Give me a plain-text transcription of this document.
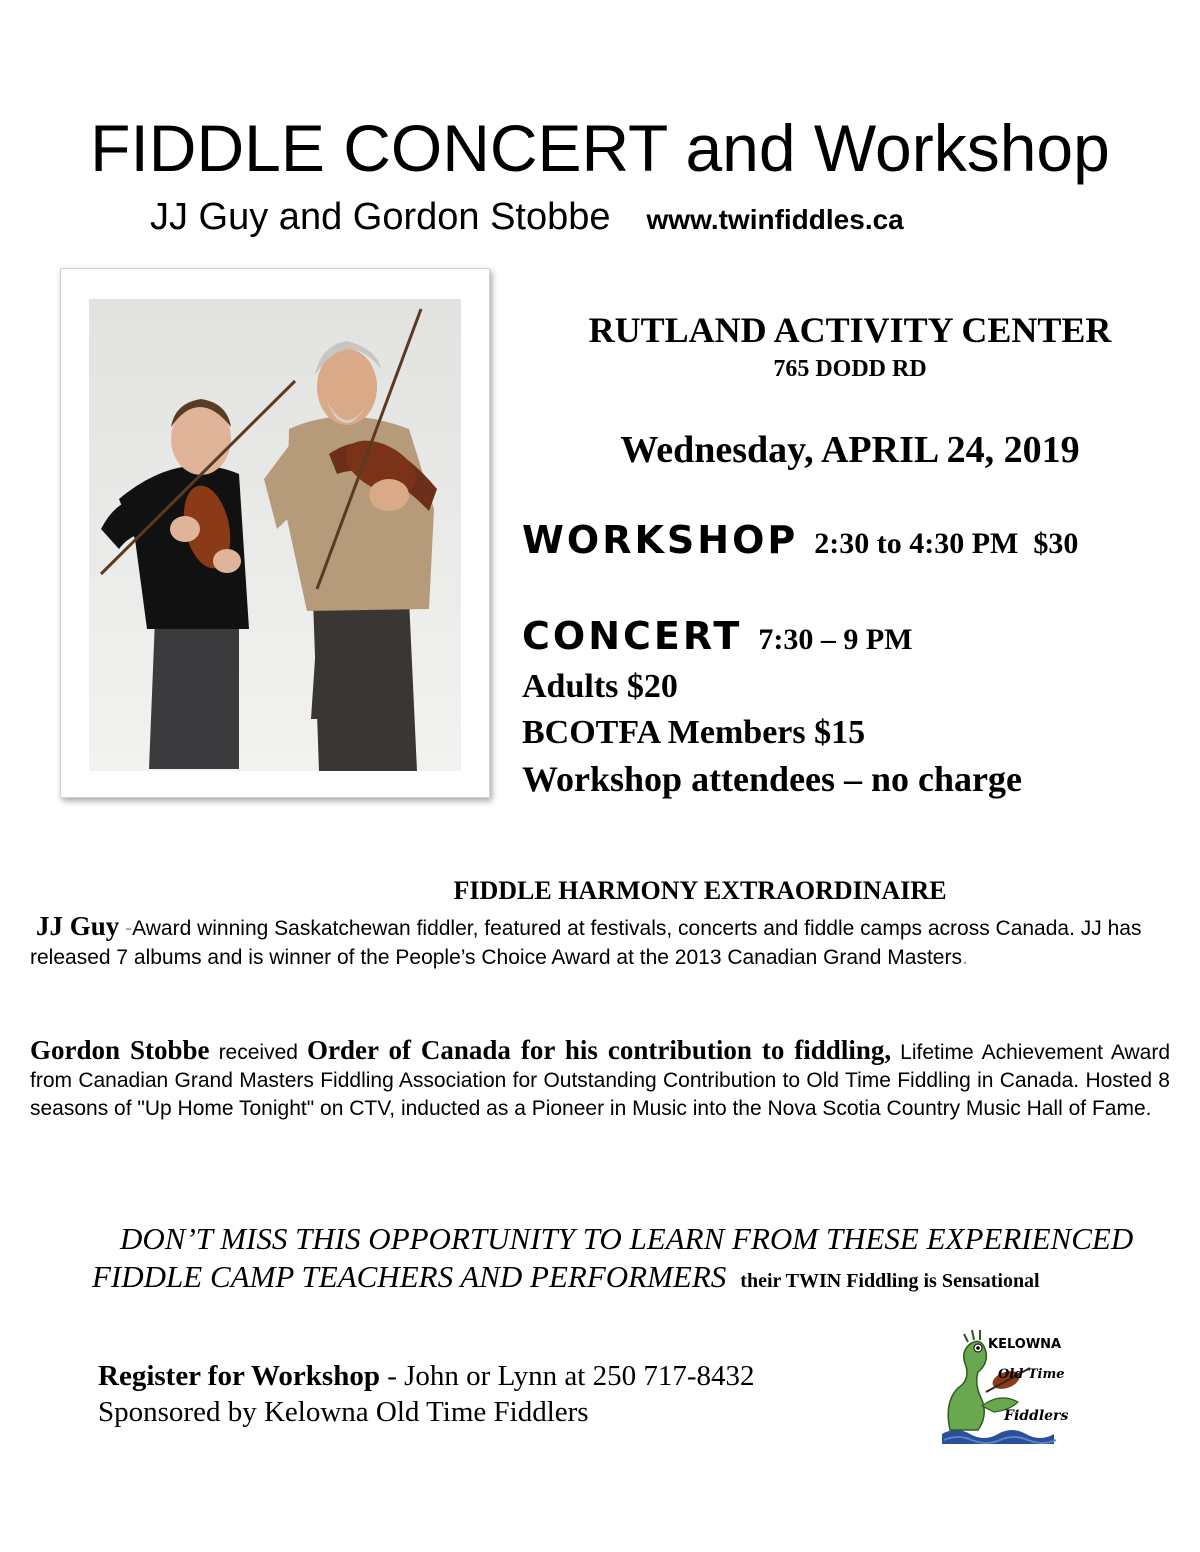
FIDDLE CONCERT and Workshop
JJ Guy and Gordon Stobbe www.twinfiddles.ca
RUTLAND ACTIVITY CENTER
765 DODD RD
Wednesday, APRIL 24, 2019
WORKSHOP 2:30 to 4:30 PM  $30
CONCERT 7:30 – 9 PM
Adults $20
BCOTFA Members $15
Workshop attendees – no charge
FIDDLE HARMONY EXTRAORDINAIRE
JJ Guy -Award winning Saskatchewan fiddler, featured at festivals, concerts and fiddle camps across Canada. JJ has released 7 albums and is winner of the People’s Choice Award at the 2013 Canadian Grand Masters.
Gordon Stobbe received Order of Canada for his contribution to fiddling, Lifetime Achievement Award from Canadian Grand Masters Fiddling Association for Outstanding Contribution to Old Time Fiddling in Canada. Hosted 8 seasons of "Up Home Tonight" on CTV, inducted as a Pioneer in Music into the Nova Scotia Country Music Hall of Fame.
DON’T MISS THIS OPPORTUNITY TO LEARN FROM THESE EXPERIENCED
FIDDLE CAMP TEACHERS AND PERFORMERS their TWIN Fiddling is Sensational
Register for Workshop - John or Lynn at 250 717-8432
Sponsored by Kelowna Old Time Fiddlers
KELOWNA
Old Time
Fiddlers
